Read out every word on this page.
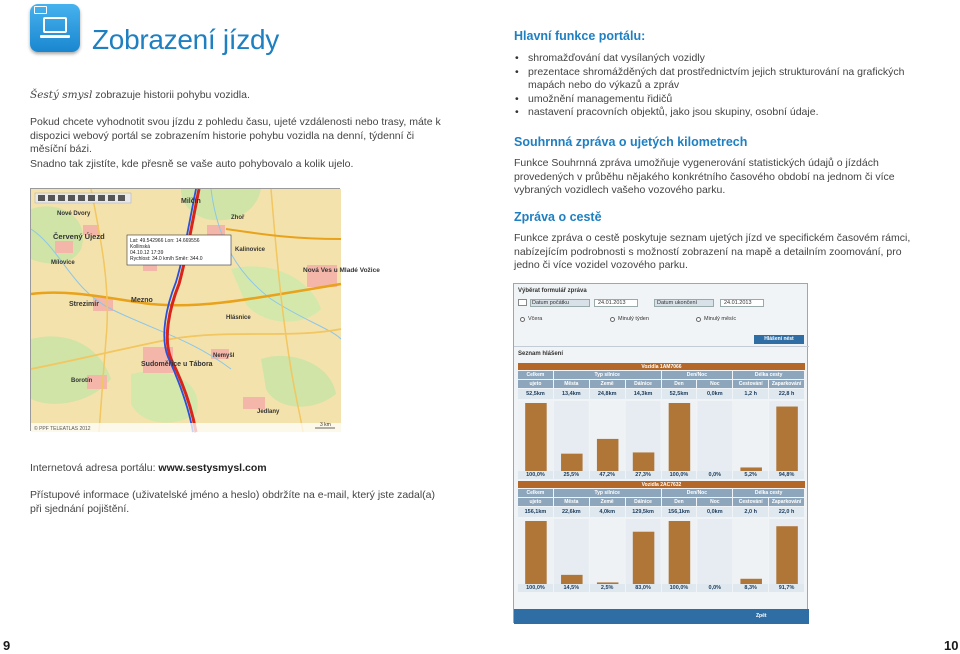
Zobrazení jízdy
Šestý smysl zobrazuje historii pohybu vozidla.
Pokud chcete vyhodnotit svou jízdu z pohledu času, ujeté vzdálenosti nebo trasy, máte k dispozici webový portál se zobrazením historie pohybu vozidla na denní, týdenní či měsíční bázi.
Snadno tak zjistíte, kde přesně se vaše auto pohybovalo a kolik ujelo.
Lat: 49.542966 Lon: 14.669556
Kollinská
04.10.12 17:39
Rychlost: 34.0 km/h Směr: 344.0
Nové Dvory
Milčín
Zhoř
Červený Újezd
Mílovice
Kalinovice
Strezimír
Mezno
Nová Ves u Mladé Vožice
Sudoměřice u Tábora
Borotín
Nemyšl
Jedlany
Hlásnice
© PPF TELEATLAS 2012
3 km
Internetová adresa portálu: www.sestysmysl.com
Přístupové informace (uživatelské jméno a heslo) obdržíte na e-mail, který jste zadal(a) při sjednání pojištění.
9
Hlavní funkce portálu:
• shromažďování dat vysílaných vozidly
• prezentace shromážděných dat prostřednictvím jejich strukturování na grafických mapách nebo do výkazů a zpráv
• umožnění managementu řidičů
• nastavení pracovních objektů, jako jsou skupiny, osobní údaje.
Souhrnná zpráva o ujetých kilometrech
Funkce Souhrnná zpráva umožňuje vygenerování statistických údajů o jízdách provedených v průběhu nějakého konkrétního časového období na jednom či více vybraných vozidlech vašeho vozového parku.
Zpráva o cestě
Funkce zpráva o cestě poskytuje seznam ujetých jízd ve specifickém časovém rámci, nabízejícím podrobnosti s možností zobrazení na mapě a detailním zoomování, pro jedno či více vozidel vozového parku.
Výběrat formulář zpráva
Datum počátku	24.01.2013	Datum ukončení	24.01.2013
Včera	Minulý týden	Minulý měsíc
Hlášení nést
Seznam hlášení
Vozidla 1AM7066
Celkem	Typ silnice	Den/Noc	Délka cesty
ujeto	Města	Země	Dálnice	Den	Noc	Cestování	Zaparkování
52,5km	13,4km	24,8km	14,3km	52,5km	0,0km	1,2 h	22,8 h
100,0%	25,5%	47,2%	27,3%	100,0%	0,0%	5,2%	94,8%
Vozidla 2AC7632
Celkem	Typ silnice	Den/Noc	Délka cesty
ujeto	Města	Země	Dálnice	Den	Noc	Cestování	Zaparkování
156,1km	22,6km	4,0km	129,5km	156,1km	0,0km	2,0 h	22,0 h
100,0%	14,5%	2,5%	83,0%	100,0%	0,0%	8,3%	91,7%
Zpět
10
